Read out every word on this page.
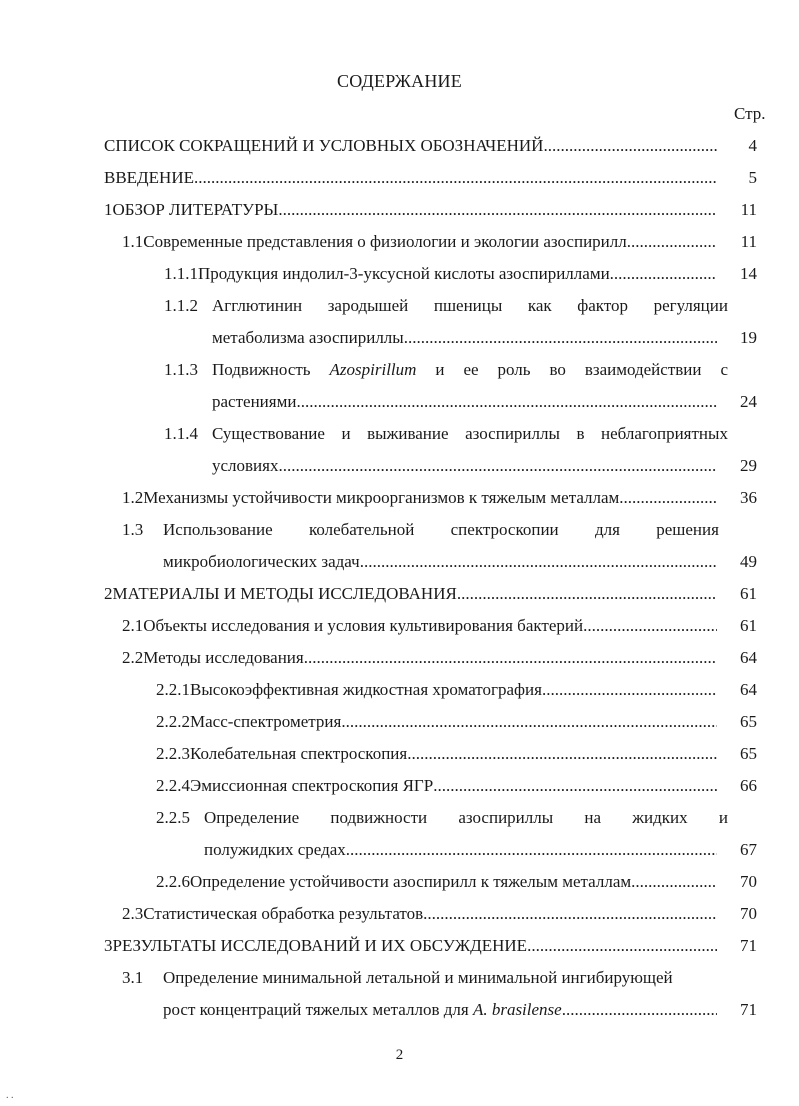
СОДЕРЖАНИЕ
Стр.
СПИСОК СОКРАЩЕНИЙ И УСЛОВНЫХ ОБОЗНАЧЕНИЙ .....	4
ВВЕДЕНИЕ .....	5
1 ОБЗОР ЛИТЕРАТУРЫ .....	11
1.1 Современные представления о физиологии и экологии азоспирилл .....	11
1.1.1 Продукция индолил-3-уксусной кислоты азоспириллами .....	14
1.1.2 Агглютинин зародышей пшеницы как фактор регуляции
метаболизма азоспириллы .....	19
1.1.3 Подвижность Azospirillum и ее роль во взаимодействии с
растениями .....	24
1.1.4 Существование и выживание азоспириллы в неблагоприятных
условиях .....	29
1.2 Механизмы устойчивости микроорганизмов к тяжелым металлам .....	36
1.3	Использование колебательной спектроскопии для решения
микробиологических задач .....	49
2 МАТЕРИАЛЫ И МЕТОДЫ ИССЛЕДОВАНИЯ .....	61
2.1 Объекты исследования и условия культивирования бактерий .....	61
2.2 Методы исследования .....	64
2.2.1 Высокоэффективная жидкостная хроматография .....	64
2.2.2 Масс-спектрометрия .....	65
2.2.3 Колебательная спектроскопия .....	65
2.2.4 Эмиссионная спектроскопия ЯГР .....	66
2.2.5 Определение подвижности азоспириллы на жидких и
полужидких средах .....	67
2.2.6 Определение устойчивости азоспирилл к тяжелым металлам .....	70
2.3 Статистическая обработка результатов .....	70
3 РЕЗУЛЬТАТЫ ИССЛЕДОВАНИЙ И ИХ ОБСУЖДЕНИЕ .....	71
3.1	Определение минимальной летальной и минимальной ингибирующей
рост концентраций тяжелых металлов для A. brasilense .....	71
2
. .
